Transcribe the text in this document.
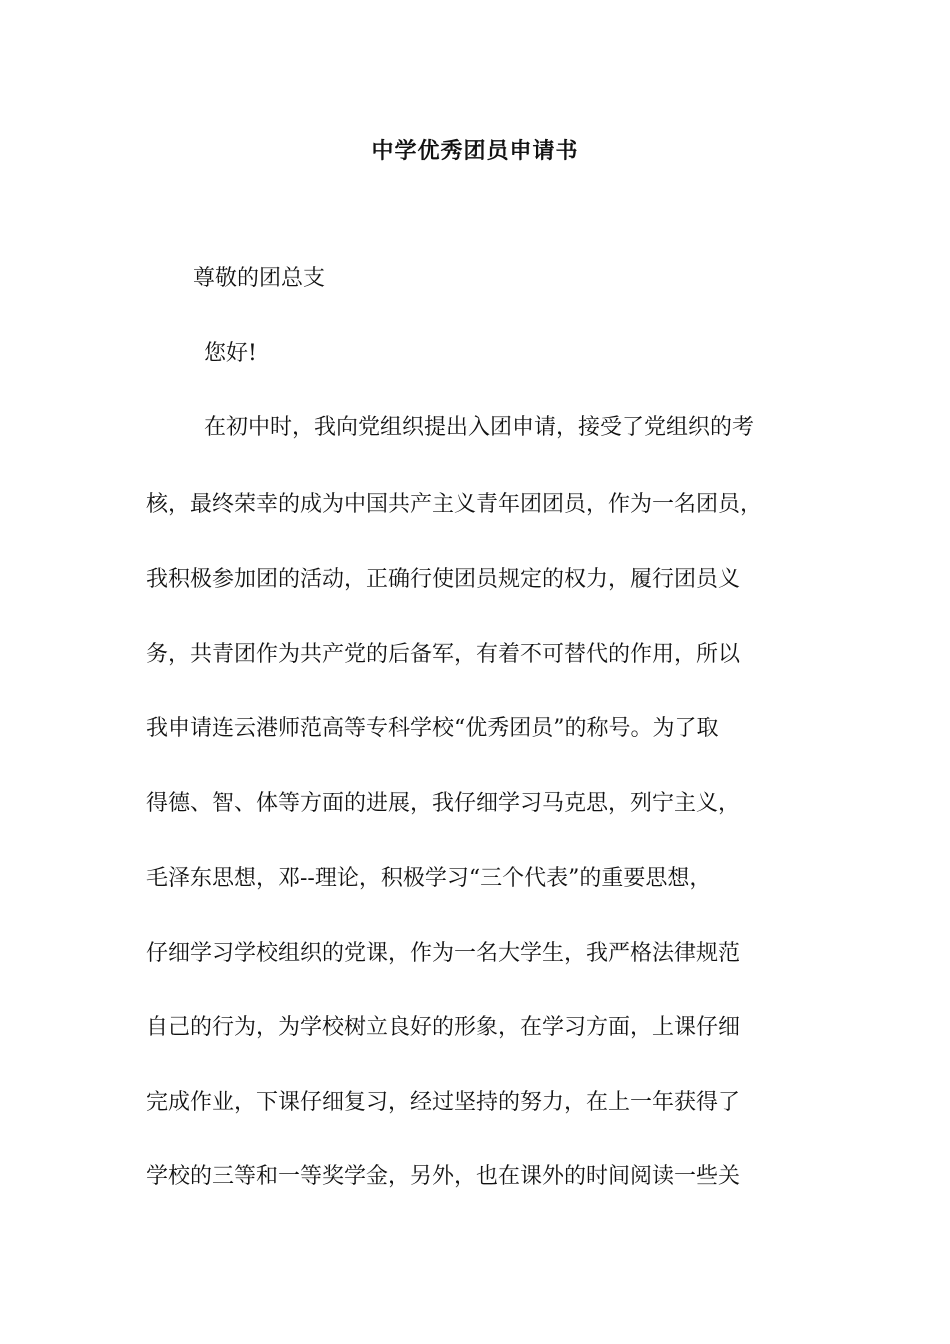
中学优秀团员申请书
尊敬的团总支
您好!
在初中时，我向党组织提出入团申请，接受了党组织的考
核，最终荣幸的成为中国共产主义青年团团员，作为一名团员，
我积极参加团的活动，正确行使团员规定的权力，履行团员义
务，共青团作为共产党的后备军，有着不可替代的作用，所以
我申请连云港师范高等专科学校“优秀团员”的称号。为了取
得德、智、体等方面的进展，我仔细学习马克思，列宁主义，
毛泽东思想，邓--理论，积极学习“三个代表”的重要思想，
仔细学习学校组织的党课，作为一名大学生，我严格法律规范
自己的行为，为学校树立良好的形象，在学习方面，上课仔细
完成作业，下课仔细复习，经过坚持的努力，在上一年获得了
学校的三等和一等奖学金，另外，也在课外的时间阅读一些关
